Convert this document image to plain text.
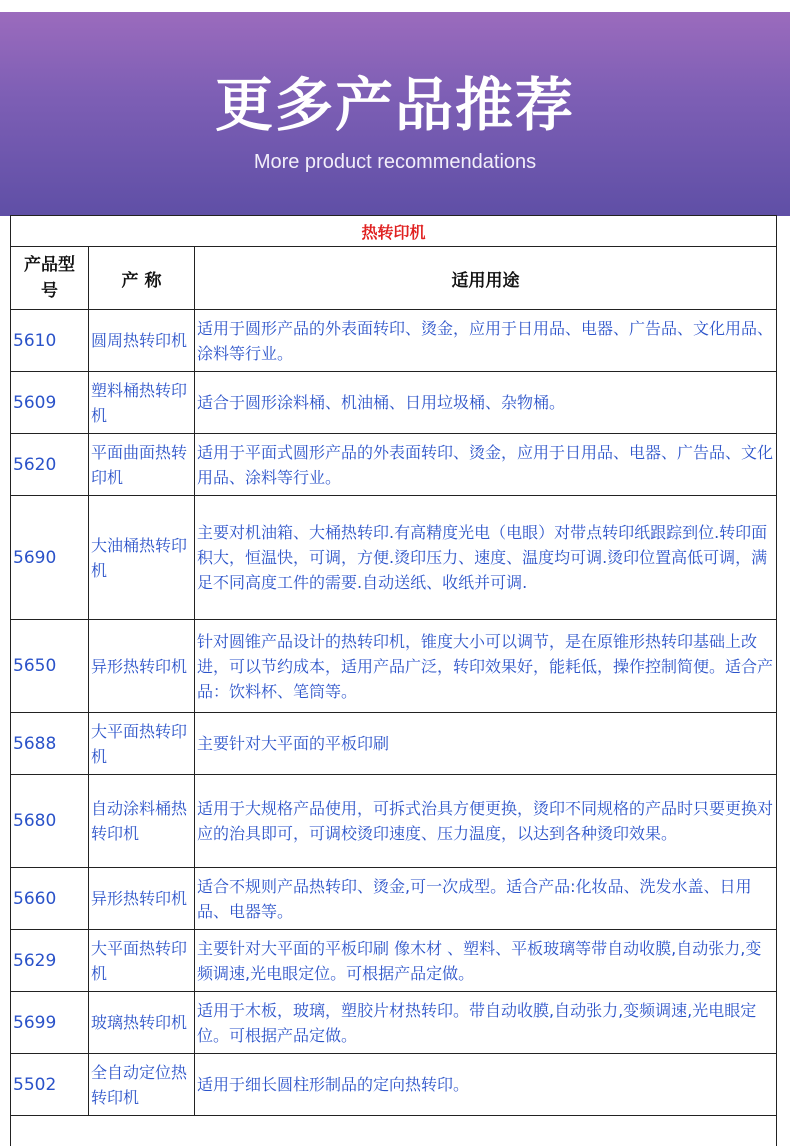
更多产品推荐
More product recommendations
热转印机		
产品型号	产 称	适用用途
5610	圆周热转印机	适用于圆形产品的外表面转印、烫金，应用于日用品、电器、广告品、文化用品、涂料等行业。
5609	塑料桶热转印机	适合于圆形涂料桶、机油桶、日用垃圾桶、杂物桶。
5620	平面曲面热转印机	适用于平面式圆形产品的外表面转印、烫金，应用于日用品、电器、广告品、文化用品、涂料等行业。
5690	大油桶热转印机	主要对机油箱、大桶热转印.有高精度光电（电眼）对带点转印纸跟踪到位.转印面积大，恒温快，可调，方便.烫印压力、速度、温度均可调.烫印位置高低可调，满足不同高度工件的需要.自动送纸、收纸并可调.
5650	异形热转印机	针对圆锥产品设计的热转印机，锥度大小可以调节，是在原锥形热转印基础上改进，可以节约成本，适用产品广泛，转印效果好，能耗低，操作控制简便。适合产品：饮料杯、笔筒等。
5688	大平面热转印机	主要针对大平面的平板印刷
5680	自动涂料桶热转印机	适用于大规格产品使用，可拆式治具方便更换，烫印不同规格的产品时只要更换对应的治具即可，可调校烫印速度、压力温度，以达到各种烫印效果。
5660	异形热转印机	适合不规则产品热转印、烫金,可一次成型。适合产品:化妆品、洗发水盖、日用品、电器等。
5629	大平面热转印机	主要针对大平面的平板印刷 像木材 、塑料、平板玻璃等带自动收膜,自动张力,变频调速,光电眼定位。可根据产品定做。
5699	玻璃热转印机	适用于木板，玻璃，塑胶片材热转印。带自动收膜,自动张力,变频调速,光电眼定位。可根据产品定做。
5502	全自动定位热转印机	适用于细长圆柱形制品的定向热转印。
